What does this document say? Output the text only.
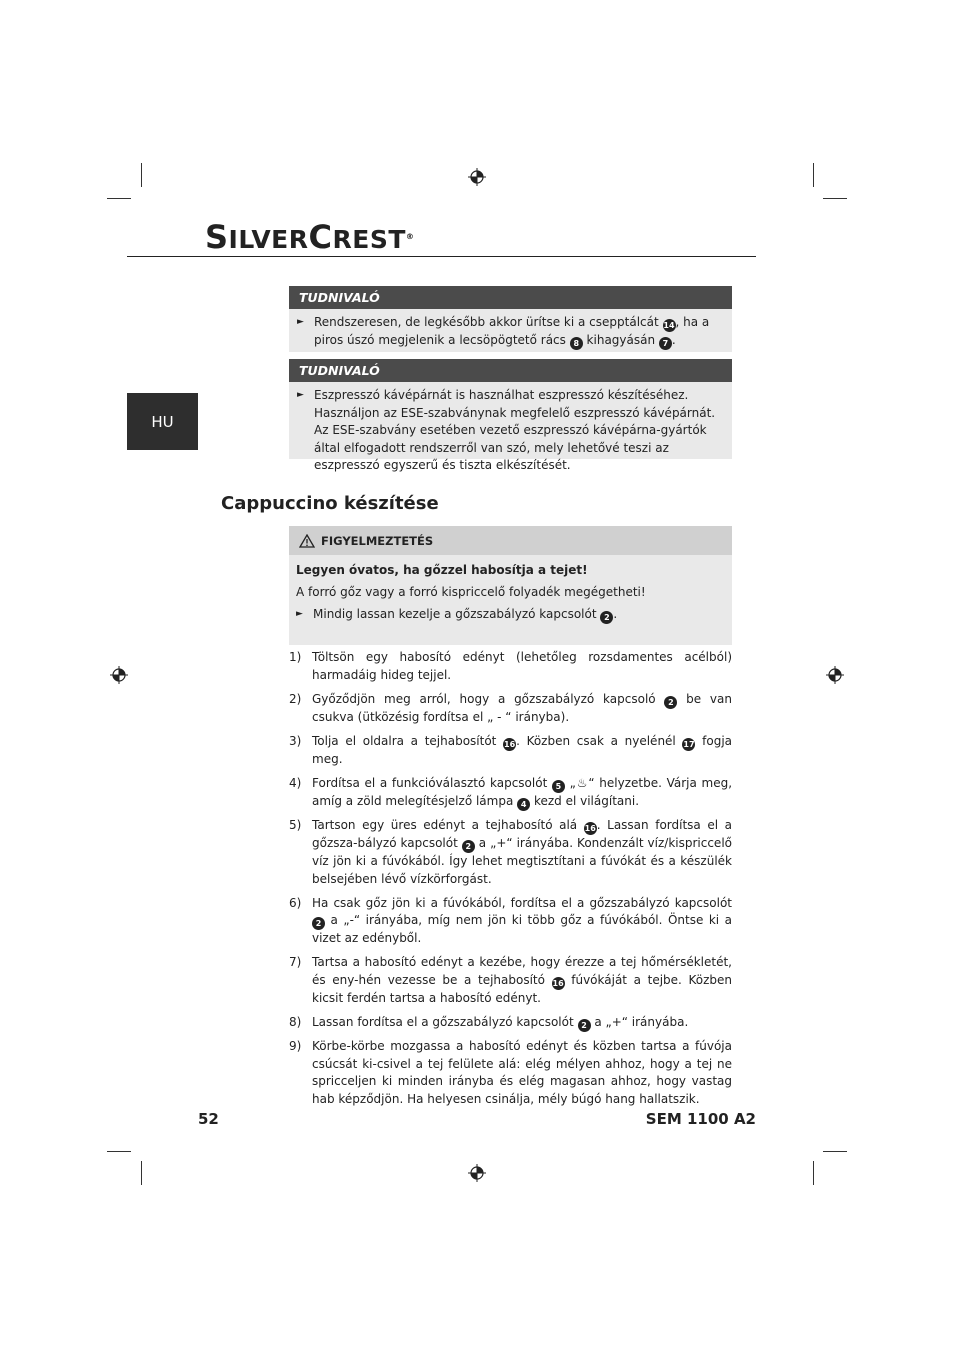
SILVERCREST®
HU
TUDNIVALÓ
► Rendszeresen, de legkésőbb akkor ürítse ki a csepptálcát 14, ha a piros úszó megjelenik a lecsöpögtető rács 8 kihagyásán 7 .
TUDNIVALÓ
► Eszpresszó kávépárnát is használhat eszpresszó készítéséhez. Használjon az ESE-szabványnak megfelelő eszpresszó kávépárnát. Az ESE-szabvány esetében vezető eszpresszó kávépárna-gyártók által elfogadott rendszerről van szó, mely lehetővé teszi az eszpresszó egyszerű és tiszta elkészítését.
Cappuccino készítése
FIGYELMEZTETÉS
Legyen óvatos, ha gőzzel habosítja a tejet!
A forró gőz vagy a forró kispriccelő folyadék megégetheti!
► Mindig lassan kezelje a gőzszabályzó kapcsolót 2 .
1) Töltsön egy habosító edényt (lehetőleg rozsdamentes acélból) harmadáig hideg tejjel.
2) Győződjön meg arról, hogy a gőzszabályzó kapcsoló 2 be van csukva (ütközésig fordítsa el „ - “ irányba).
3) Tolja el oldalra a tejhabosítót 16. Közben csak a nyelénél 17 fogja meg.
4) Fordítsa el a funkcióválasztó kapcsolót 5 „♨“ helyzetbe. Várja meg, amíg a zöld melegítésjelző lámpa 4 kezd el világítani.
5) Tartson egy üres edényt a tejhabosító alá 16. Lassan fordítsa el a gőzsza-bályzó kapcsolót 2 a „+“ irányába. Kondenzált víz/kispriccelő víz jön ki a fúvókából. Így lehet megtisztítani a fúvókát és a készülék belsejében lévő vízkörforgást.
6) Ha csak gőz jön ki a fúvókából, fordítsa el a gőzszabályzó kapcsolót 2 a „-“ irányába, míg nem jön ki több gőz a fúvókából. Öntse ki a vizet az edényből.
7) Tartsa a habosító edényt a kezébe, hogy érezze a tej hőmérsékletét, és eny-hén vezesse be a tejhabosító 16 fúvókáját a tejbe. Közben kicsit ferdén tartsa a habosító edényt.
8) Lassan fordítsa el a gőzszabályzó kapcsolót 2 a „+“ irányába.
9) Körbe-körbe mozgassa a habosító edényt és közben tartsa a fúvója csúcsát ki-csivel a tej felülete alá: elég mélyen ahhoz, hogy a tej ne spricceljen ki minden irányba és elég magasan ahhoz, hogy vastag hab képződjön. Ha helyesen csinálja, mély búgó hang hallatszik.
52	SEM 1100 A2
